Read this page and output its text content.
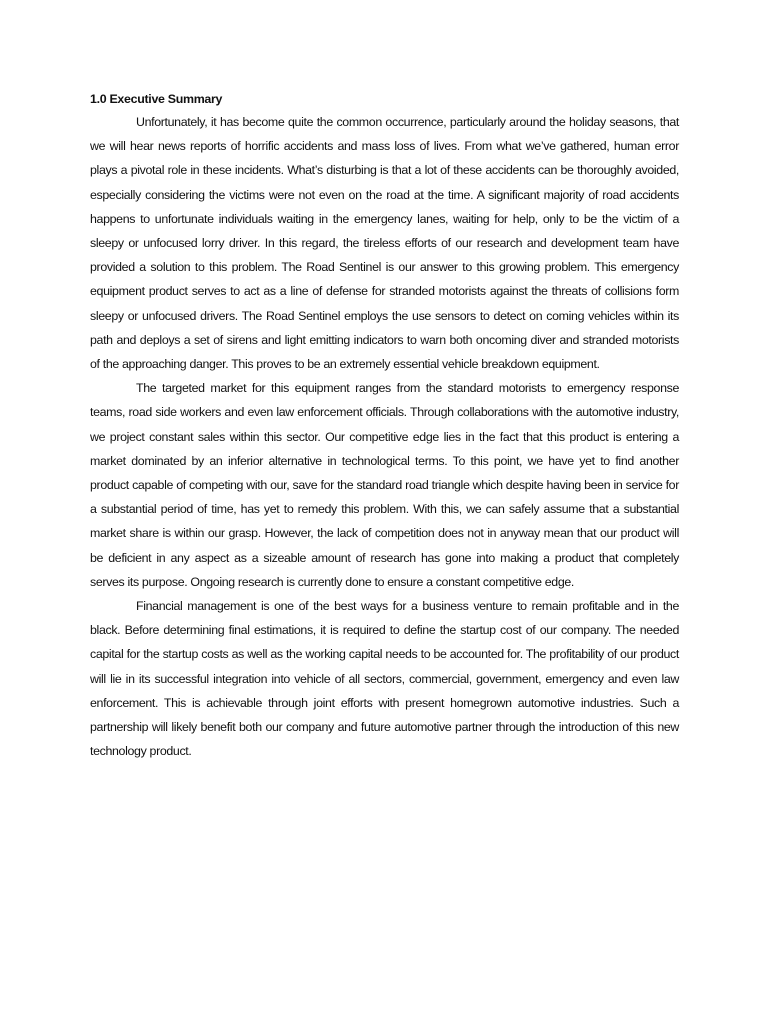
1.0 Executive Summary

Unfortunately, it has become quite the common occurrence, particularly around the holiday seasons, that we will hear news reports of horrific accidents and mass loss of lives. From what we’ve gathered, human error plays a pivotal role in these incidents. What’s disturbing is that a lot of these accidents can be thoroughly avoided, especially considering the victims were not even on the road at the time. A significant majority of road accidents happens to unfortunate individuals waiting in the emergency lanes, waiting for help, only to be the victim of a sleepy or unfocused lorry driver. In this regard, the tireless efforts of our research and development team have provided a solution to this problem. The Road Sentinel is our answer to this growing problem. This emergency equipment product serves to act as a line of defense for stranded motorists against the threats of collisions form sleepy or unfocused drivers. The Road Sentinel employs the use sensors to detect on coming vehicles within its path and deploys a set of sirens and light emitting indicators to warn both oncoming diver and stranded motorists of the approaching danger. This proves to be an extremely essential vehicle breakdown equipment.

The targeted market for this equipment ranges from the standard motorists to emergency response teams, road side workers and even law enforcement officials. Through collaborations with the automotive industry, we project constant sales within this sector. Our competitive edge lies in the fact that this product is entering a market dominated by an inferior alternative in technological terms. To this point, we have yet to find another product capable of competing with our, save for the standard road triangle which despite having been in service for a substantial period of time, has yet to remedy this problem. With this, we can safely assume that a substantial market share is within our grasp. However, the lack of competition does not in anyway mean that our product will be deficient in any aspect as a sizeable amount of research has gone into making a product that completely serves its purpose. Ongoing research is currently done to ensure a constant competitive edge.

Financial management is one of the best ways for a business venture to remain profitable and in the black. Before determining final estimations, it is required to define the startup cost of our company. The needed capital for the startup costs as well as the working capital needs to be accounted for. The profitability of our product will lie in its successful integration into vehicle of all sectors, commercial, government, emergency and even law enforcement. This is achievable through joint efforts with present homegrown automotive industries. Such a partnership will likely benefit both our company and future automotive partner through the introduction of this new technology product.
